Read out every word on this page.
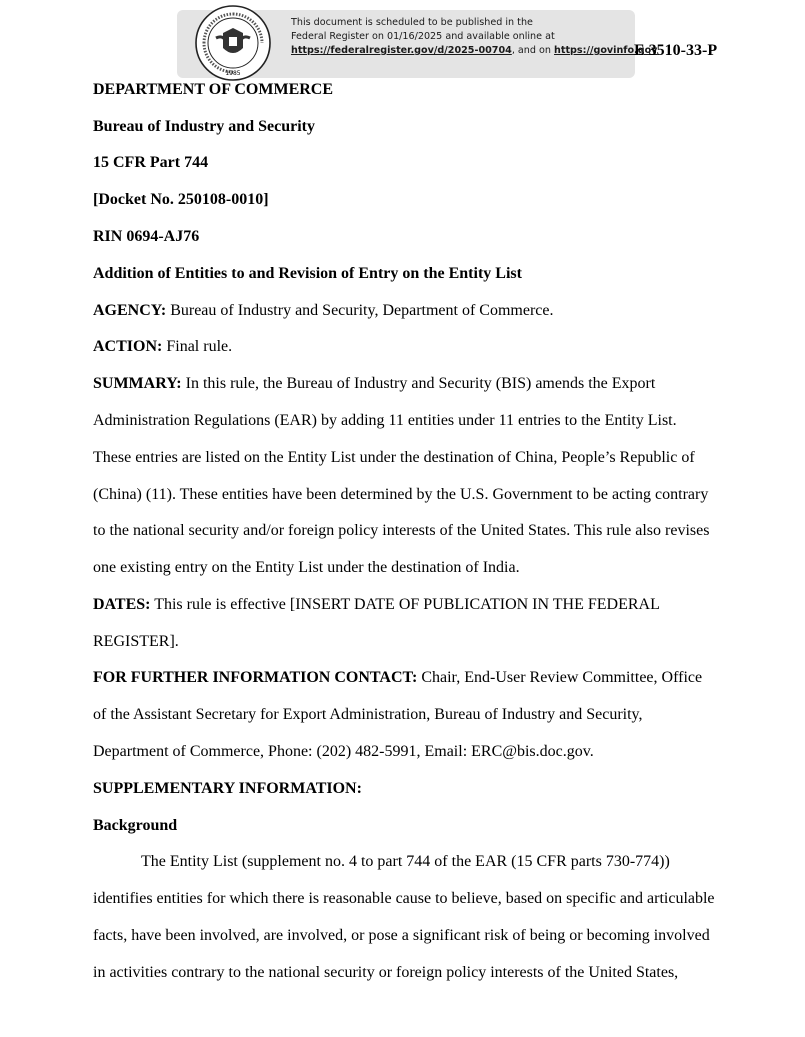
1985
This document is scheduled to be published in the
Federal Register on 01/16/2025 and available online at
https://federalregister.gov/d/2025-00704, and on https://govinfo.gov
E 3510-33-P
DEPARTMENT OF COMMERCE
Bureau of Industry and Security
15 CFR Part 744
[Docket No. 250108-0010]
RIN 0694-AJ76
Addition of Entities to and Revision of Entry on the Entity List
AGENCY: Bureau of Industry and Security, Department of Commerce.
ACTION: Final rule.
SUMMARY: In this rule, the Bureau of Industry and Security (BIS) amends the Export
Administration Regulations (EAR) by adding 11 entities under 11 entries to the Entity List.
These entries are listed on the Entity List under the destination of China, People’s Republic of
(China) (11). These entities have been determined by the U.S. Government to be acting contrary
to the national security and/or foreign policy interests of the United States. This rule also revises
one existing entry on the Entity List under the destination of India.
DATES: This rule is effective [INSERT DATE OF PUBLICATION IN THE FEDERAL
REGISTER].
FOR FURTHER INFORMATION CONTACT: Chair, End-User Review Committee, Office
of the Assistant Secretary for Export Administration, Bureau of Industry and Security,
Department of Commerce, Phone: (202) 482-5991, Email: ERC@bis.doc.gov.
SUPPLEMENTARY INFORMATION:
Background
The Entity List (supplement no. 4 to part 744 of the EAR (15 CFR parts 730-774))
identifies entities for which there is reasonable cause to believe, based on specific and articulable
facts, have been involved, are involved, or pose a significant risk of being or becoming involved
in activities contrary to the national security or foreign policy interests of the United States,
